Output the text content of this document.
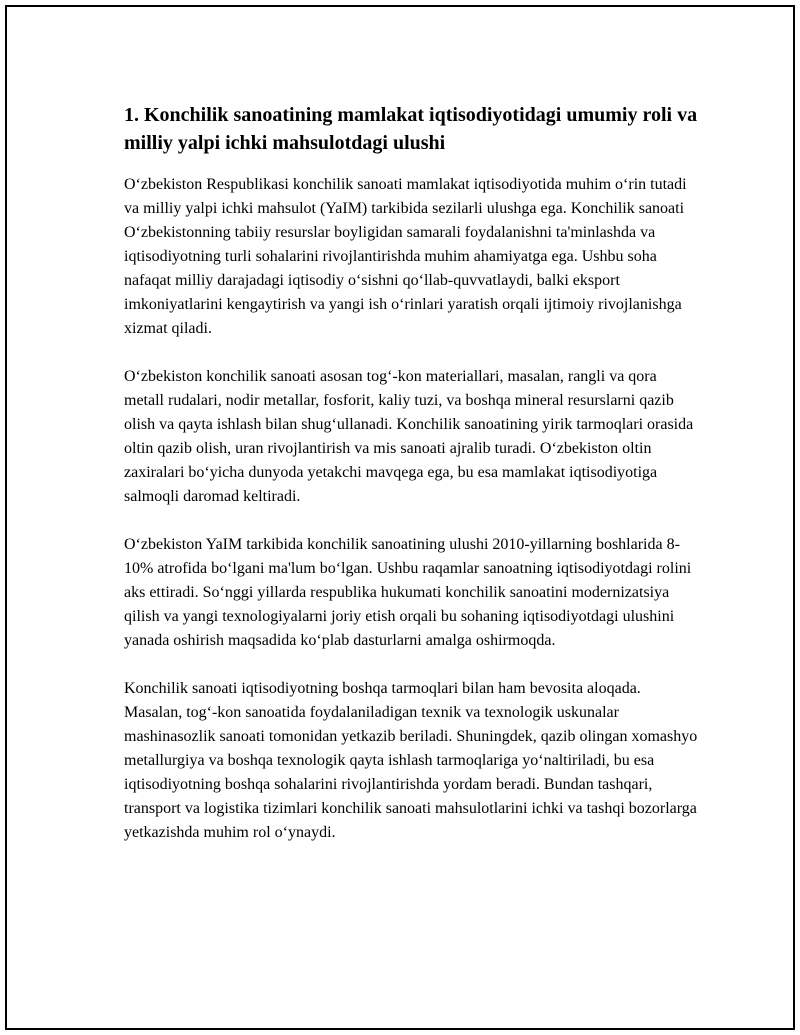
1. Konchilik sanoatining mamlakat iqtisodiyotidagi umumiy roli va milliy yalpi ichki mahsulotdagi ulushi

O‘zbekiston Respublikasi konchilik sanoati mamlakat iqtisodiyotida muhim o‘rin tutadi va milliy yalpi ichki mahsulot (YaIM) tarkibida sezilarli ulushga ega. Konchilik sanoati O‘zbekistonning tabiiy resurslar boyligidan samarali foydalanishni ta'minlashda va iqtisodiyotning turli sohalarini rivojlantirishda muhim ahamiyatga ega. Ushbu soha nafaqat milliy darajadagi iqtisodiy o‘sishni qo‘llab-quvvatlaydi, balki eksport imkoniyatlarini kengaytirish va yangi ish o‘rinlari yaratish orqali ijtimoiy rivojlanishga xizmat qiladi.

O‘zbekiston konchilik sanoati asosan tog‘-kon materiallari, masalan, rangli va qora metall rudalari, nodir metallar, fosforit, kaliy tuzi, va boshqa mineral resurslarni qazib olish va qayta ishlash bilan shug‘ullanadi. Konchilik sanoatining yirik tarmoqlari orasida oltin qazib olish, uran rivojlantirish va mis sanoati ajralib turadi. O‘zbekiston oltin zaxiralari bo‘yicha dunyoda yetakchi mavqega ega, bu esa mamlakat iqtisodiyotiga salmoqli daromad keltiradi.

O‘zbekiston YaIM tarkibida konchilik sanoatining ulushi 2010-yillarning boshlarida 8-10% atrofida bo‘lgani ma'lum bo‘lgan. Ushbu raqamlar sanoatning iqtisodiyotdagi rolini aks ettiradi. So‘nggi yillarda respublika hukumati konchilik sanoatini modernizatsiya qilish va yangi texnologiyalarni joriy etish orqali bu sohaning iqtisodiyotdagi ulushini yanada oshirish maqsadida ko‘plab dasturlarni amalga oshirmoqda.

Konchilik sanoati iqtisodiyotning boshqa tarmoqlari bilan ham bevosita aloqada. Masalan, tog‘-kon sanoatida foydalaniladigan texnik va texnologik uskunalar mashinasozlik sanoati tomonidan yetkazib beriladi. Shuningdek, qazib olingan xomashyo metallurgiya va boshqa texnologik qayta ishlash tarmoqlariga yo‘naltiriladi, bu esa iqtisodiyotning boshqa sohalarini rivojlantirishda yordam beradi. Bundan tashqari, transport va logistika tizimlari konchilik sanoati mahsulotlarini ichki va tashqi bozorlarga yetkazishda muhim rol o‘ynaydi.
